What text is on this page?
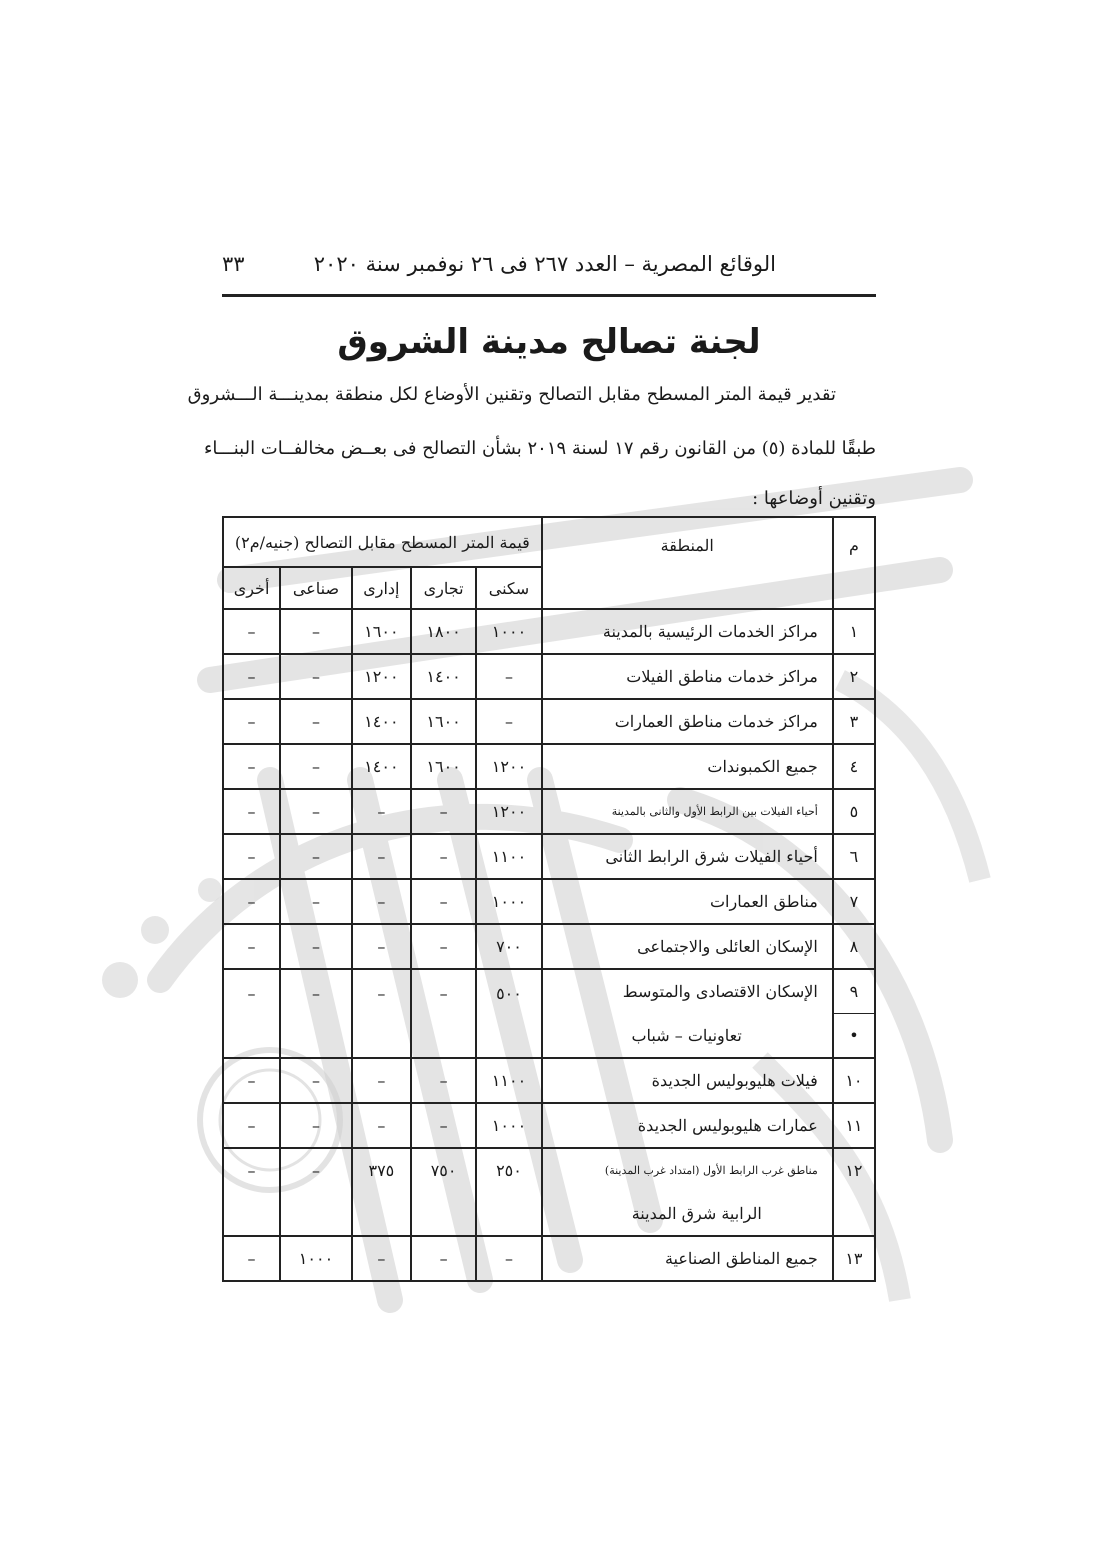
الوقائع المصرية – العدد ٢٦٧ فى ٢٦ نوفمبر سنة ٢٠٢٠
٣٣
لجنة تصالح مدينة الشروق
تقدير قيمة المتر المسطح مقابل التصالح وتقنين الأوضاع لكل منطقة بمدينـــة الـــشروق
طبقًا للمادة (٥) من القانون رقم ١٧ لسنة ٢٠١٩ بشأن التصالح فى بعــض مخالفــات البنـــاء
وتقنين أوضاعها :
م	المنطقة	قيمة المتر المسطح مقابل التصالح (جنيه/م٢)				
		سكنى	تجارى	إدارى	صناعى	أخرى
١	مراكز الخدمات الرئيسية بالمدينة	١٠٠٠	١٨٠٠	١٦٠٠	–	–
٢	مراكز خدمات مناطق الفيلات	–	١٤٠٠	١٢٠٠	–	–
٣	مراكز خدمات مناطق العمارات	–	١٦٠٠	١٤٠٠	–	–
٤	جميع الكمبوندات	١٢٠٠	١٦٠٠	١٤٠٠	–	–
٥	أحياء الفيلات بين الرابط الأول والثانى بالمدينة	١٢٠٠	–	–	–	–
٦	أحياء الفيلات شرق الرابط الثانى	١١٠٠	–	–	–	–
٧	مناطق العمارات	١٠٠٠	–	–	–	–
٨	الإسكان العائلى والاجتماعى	٧٠٠	–	–	–	–
٩	الإسكان الاقتصادى والمتوسط	٥٠٠	–	–	–	–
•	تعاونيات – شباب					
١٠	فيلات هليوبوليس الجديدة	١١٠٠	–	–	–	–
١١	عمارات هليوبوليس الجديدة	١٠٠٠	–	–	–	–
١٢	مناطق غرب الرابط الأول (امتداد غرب المدينة)	٢٥٠	٧٥٠	٣٧٥	–	–
	الرابية شرق المدينة					
١٣	جميع المناطق الصناعية	–	–	–	١٠٠٠	–
